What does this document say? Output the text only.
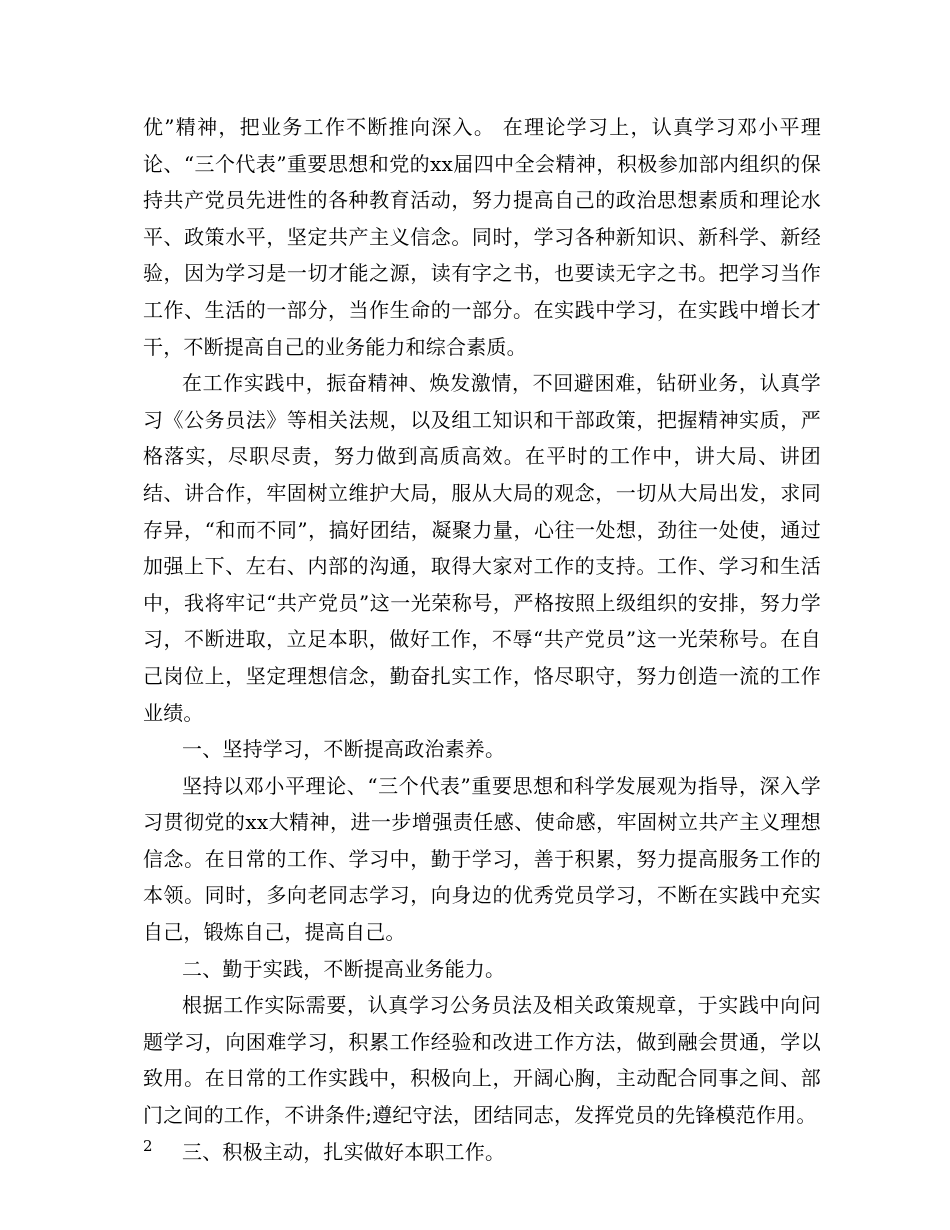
优”精神，把业务工作不断推向深入。 在理论学习上，认真学习邓小平理论、“三个代表”重要思想和党的xx届四中全会精神，积极参加部内组织的保持共产党员先进性的各种教育活动，努力提高自己的政治思想素质和理论水平、政策水平，坚定共产主义信念。同时，学习各种新知识、新科学、新经验，因为学习是一切才能之源，读有字之书，也要读无字之书。把学习当作工作、生活的一部分，当作生命的一部分。在实践中学习，在实践中增长才干，不断提高自己的业务能力和综合素质。

在工作实践中，振奋精神、焕发激情，不回避困难，钻研业务，认真学习《公务员法》等相关法规，以及组工知识和干部政策，把握精神实质，严格落实，尽职尽责，努力做到高质高效。在平时的工作中，讲大局、讲团结、讲合作，牢固树立维护大局，服从大局的观念，一切从大局出发，求同存异，“和而不同”，搞好团结，凝聚力量，心往一处想，劲往一处使，通过加强上下、左右、内部的沟通，取得大家对工作的支持。工作、学习和生活中，我将牢记“共产党员”这一光荣称号，严格按照上级组织的安排，努力学习，不断进取，立足本职，做好工作，不辱“共产党员”这一光荣称号。在自己岗位上，坚定理想信念，勤奋扎实工作，恪尽职守，努力创造一流的工作业绩。

一、坚持学习，不断提高政治素养。

坚持以邓小平理论、“三个代表”重要思想和科学发展观为指导，深入学习贯彻党的xx大精神，进一步增强责任感、使命感，牢固树立共产主义理想信念。在日常的工作、学习中，勤于学习，善于积累，努力提高服务工作的本领。同时，多向老同志学习，向身边的优秀党员学习，不断在实践中充实自己，锻炼自己，提高自己。

二、勤于实践，不断提高业务能力。

根据工作实际需要，认真学习公务员法及相关政策规章，于实践中向问题学习，向困难学习，积累工作经验和改进工作方法，做到融会贯通，学以致用。在日常的工作实践中，积极向上，开阔心胸，主动配合同事之间、部门之间的工作，不讲条件;遵纪守法，团结同志，发挥党员的先锋模范作用。

三、积极主动，扎实做好本职工作。

2
